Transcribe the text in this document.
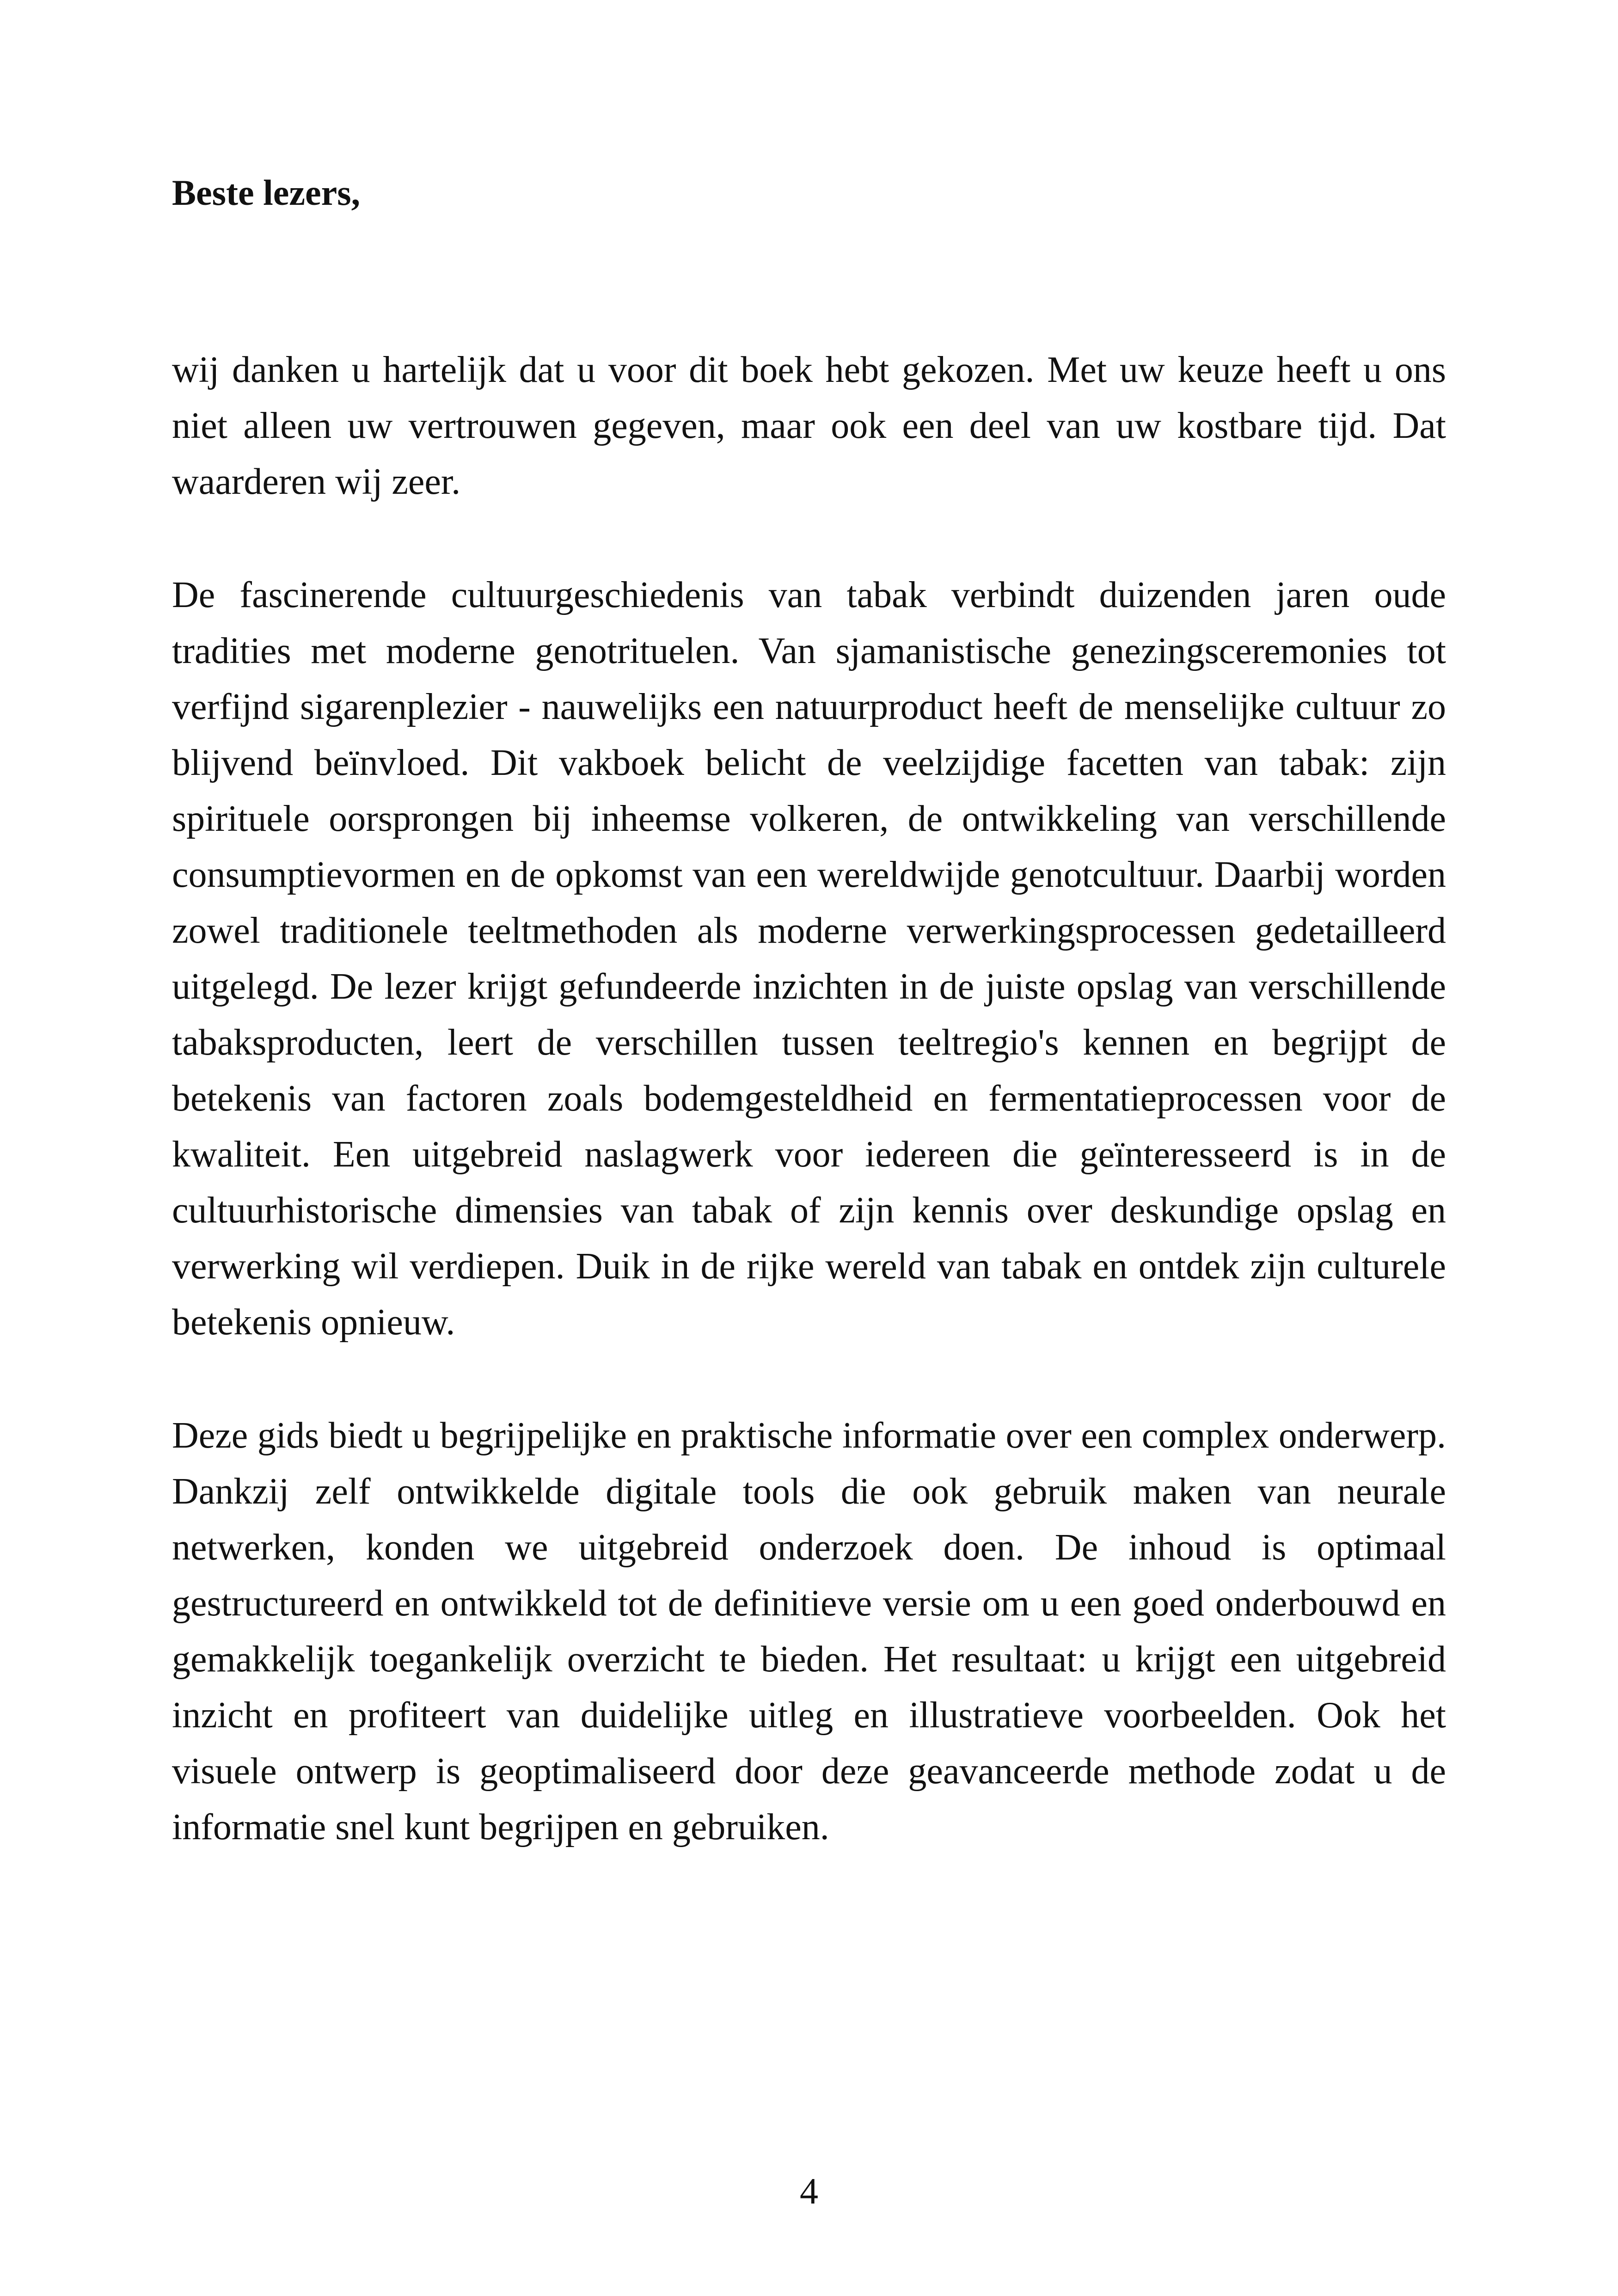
Beste lezers,

wij danken u hartelijk dat u voor dit boek hebt gekozen. Met uw keuze heeft u ons niet alleen uw vertrouwen gegeven, maar ook een deel van uw kostbare tijd. Dat waarderen wij zeer.

De fascinerende cultuurgeschiedenis van tabak verbindt duizenden jaren oude tradities met moderne genotrituelen. Van sjamanistische genezingsceremonies tot verfijnd sigarenplezier - nauwelijks een natuurproduct heeft de menselijke cultuur zo blijvend beïnvloed. Dit vakboek belicht de veelzijdige facetten van tabak: zijn spirituele oorsprongen bij inheemse volkeren, de ontwikkeling van verschillende consumptievormen en de opkomst van een wereldwijde genotcultuur. Daarbij worden zowel traditionele teeltmethoden als moderne verwerkingsprocessen gedetailleerd uitgelegd. De lezer krijgt gefundeerde inzichten in de juiste opslag van verschillende tabaksproducten, leert de verschillen tussen teeltregio's kennen en begrijpt de betekenis van factoren zoals bodemgesteldheid en fermentatieprocessen voor de kwaliteit. Een uitgebreid naslagwerk voor iedereen die geïnteresseerd is in de cultuurhistorische dimensies van tabak of zijn kennis over deskundige opslag en verwerking wil verdiepen. Duik in de rijke wereld van tabak en ontdek zijn culturele betekenis opnieuw.

Deze gids biedt u begrijpelijke en praktische informatie over een complex onderwerp. Dankzij zelf ontwikkelde digitale tools die ook gebruik maken van neurale netwerken, konden we uitgebreid onderzoek doen. De inhoud is optimaal gestructureerd en ontwikkeld tot de definitieve versie om u een goed onderbouwd en gemakkelijk toegankelijk overzicht te bieden. Het resultaat: u krijgt een uitgebreid inzicht en profiteert van duidelijke uitleg en illustratieve voorbeelden. Ook het visuele ontwerp is geoptimaliseerd door deze geavanceerde methode zodat u de informatie snel kunt begrijpen en gebruiken.

4
